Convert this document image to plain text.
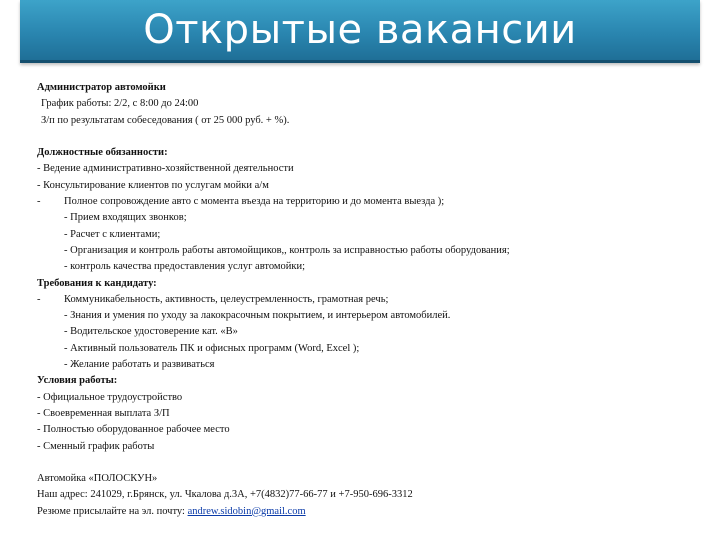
Открытые вакансии
Администратор автомойки
График работы: 2/2, с 8:00 до 24:00
З/п по результатам собеседования ( от 25 000 руб. + %).
Должностные обязанности:
- Ведение административно-хозяйственной деятельности
- Консультирование клиентов по услугам мойки а/м
- Полное сопровождение авто с момента въезда на территорию и до момента выезда );
- Прием входящих звонков;
- Расчет с клиентами;
- Организация и контроль работы автомойщиков,, контроль за исправностью работы оборудования;
- контроль качества предоставления услуг автомойки;
Требования к кандидату:
- Коммуникабельность, активность, целеустремленность, грамотная речь;
- Знания и умения по уходу за лакокрасочным покрытием, и интерьером автомобилей.
- Водительское удостоверение кат. «В»
- Активный пользователь ПК и офисных программ (Word, Excel );
- Желание работать и развиваться
Условия работы:
- Официальное трудоустройство
- Своевременная выплата З/П
- Полностью оборудованное рабочее место
- Сменный график работы
Автомойка «ПОЛОСКУН»
Наш адрес: 241029, г.Брянск, ул. Чкалова д.3А, +7(4832)77-66-77 и +7-950-696-3312
Резюме присылайте на эл. почту: andrew.sidobin@gmail.com
